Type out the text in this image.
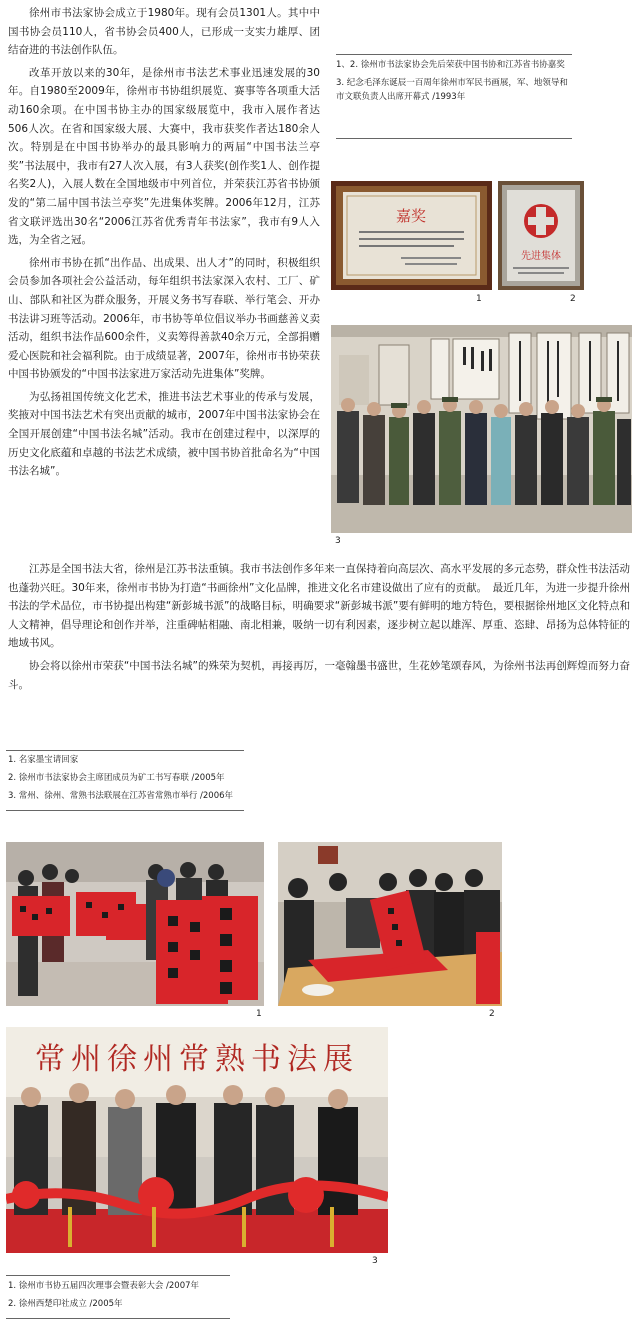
徐州市书法家协会成立于1980年。现有会员1301人。其中中国书协会员110人，省书协会员400人，已形成一支实力雄厚、团结奋进的书法创作队伍。

改革开放以来的30年，是徐州市书法艺术事业迅速发展的30年。自1980至2009年，徐州市书协组织展览、赛事等各项重大活动160余项。在中国书协主办的国家级展览中，我市入展作者达506人次。在省和国家级大展、大赛中，我市获奖作者达180余人次。特别是在中国书协举办的最具影响力的两届“中国书法兰亭奖”书法展中，我市有27人次入展，有3人获奖(创作奖1人、创作提名奖2人)，入展人数在全国地级市中列首位，并荣获江苏省书协颁发的“第二届中国书法兰亭奖”先进集体奖牌。2006年12月，江苏省文联评选出30名“2006江苏省优秀青年书法家”，我市有9人入选，为全省之冠。

徐州市书协在抓“出作品、出成果、出人才”的同时，积极组织会员参加各项社会公益活动，每年组织书法家深入农村、工厂、矿山、部队和社区为群众服务，开展义务书写春联、举行笔会、开办书法讲习班等活动。2006年，市书协等单位倡议举办书画慈善义卖活动，组织书法作品600余件，义卖筹得善款40余万元，全部捐赠爱心医院和社会福利院。由于成绩显著，2007年，徐州市书协荣获中国书协颁发的“中国书法家进万家活动先进集体”奖牌。

为弘扬祖国传统文化艺术，推进书法艺术事业的传承与发展，奖掖对中国书法艺术有突出贡献的城市，2007年中国书法家协会在全国开展创建“中国书法名城”活动。我市在创建过程中，以深厚的历史文化底蕴和卓越的书法艺术成绩，被中国书协首批命名为“中国书法名城”。

江苏是全国书法大省，徐州是江苏书法重镇。我市书法创作多年来一直保持着向高层次、高水平发展的多元态势，群众性书法活动也蓬勃兴旺。30年来，徐州市书协为打造“书画徐州”文化品牌，推进文化名市建设做出了应有的贡献。　最近几年，为进一步提升徐州书法的学术品位，市书协提出构建“新彭城书派”的战略目标，明确要求“新彭城书派”要有鲜明的地方特色，要根据徐州地区文化特点和人文精神，倡导理论和创作并举，注重碑帖相融、南北相兼，吸纳一切有利因素，逐步树立起以雄浑、厚重、恣肆、昂扬为总体特征的地域书风。

协会将以徐州市荣获“中国书法名城”的殊荣为契机，再接再厉，一毫翰墨书盛世，生花妙笔颂春风，为徐州书法再创辉煌而努力奋斗。

1、2. 徐州市书法家协会先后荣获中国书协和江苏省书协嘉奖
3. 纪念毛泽东诞辰一百周年徐州市军民书画展，军、地领导和市文联负责人出席开幕式 /1993年
嘉奖
1
先进集体
2
3
1. 名家墨宝请回家
2. 徐州市书法家协会主席团成员为矿工书写春联 /2005年
3. 常州、徐州、常熟书法联展在江苏省常熟市举行 /2006年
1	2
常州徐州常熟书法展
3
1. 徐州市书协五届四次理事会暨表彰大会 /2007年
2. 徐州西楚印社成立 /2005年
